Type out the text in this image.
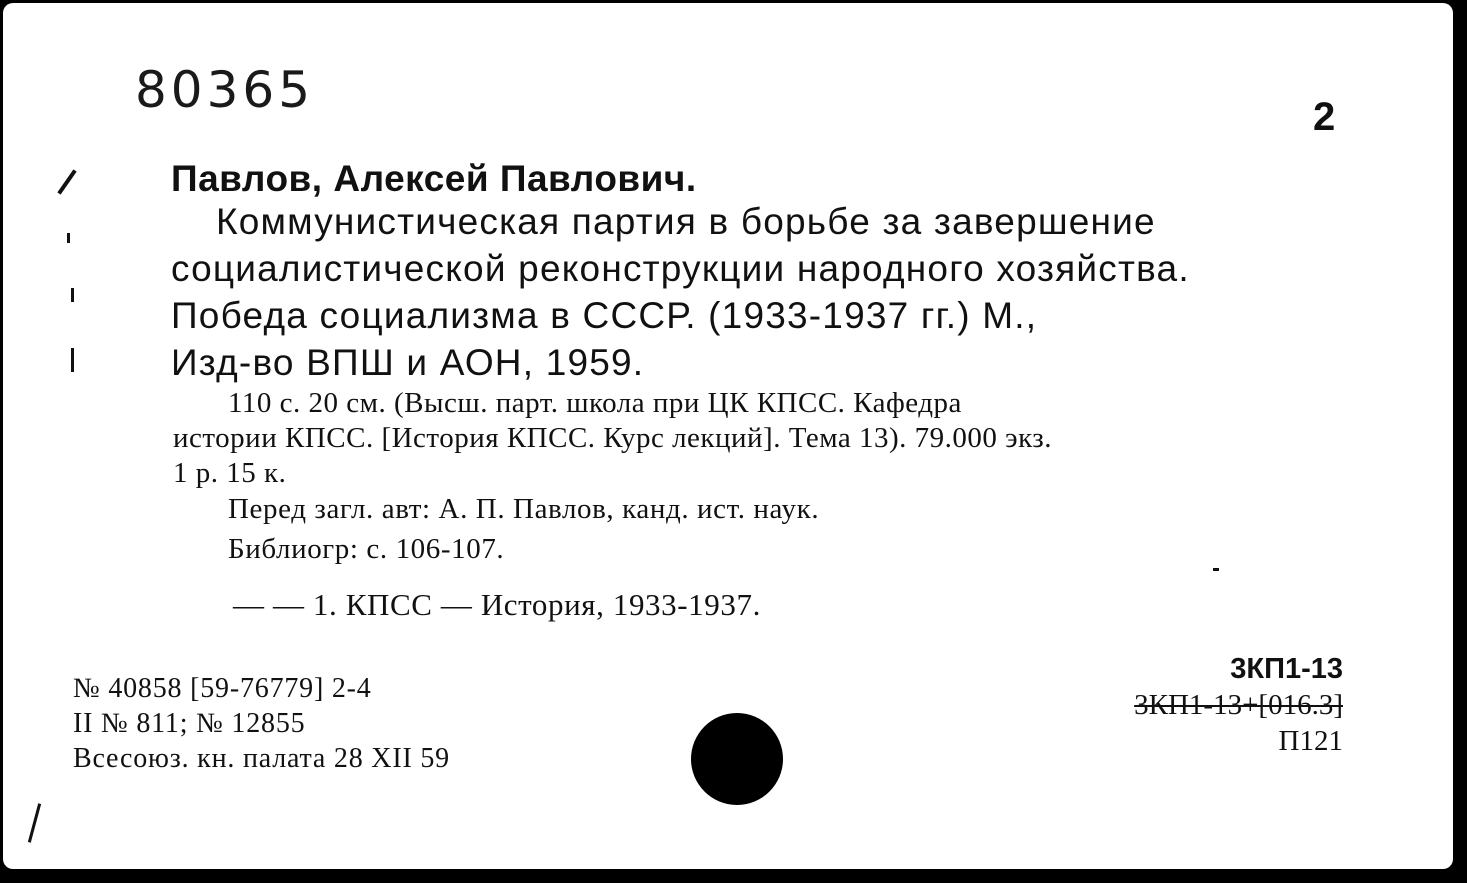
80365	2
Павлов, Алексей Павлович.
Коммунистическая партия в борьбе за завершение
социалистической реконструкции народного хозяйства.
Победа социализма в СССР. (1933-1937 гг.) М.,
Изд-во ВПШ и АОН, 1959.
110 с. 20 см. (Высш. парт. школа при ЦК КПСС. Кафедра
истории КПСС. [История КПСС. Курс лекций]. Тема 13). 79.000 экз.
1 р. 15 к.
Перед загл. авт: А. П. Павлов, канд. ист. наук.
Библиогр: с. 106-107.
— — 1. КПСС — История, 1933-1937.
№ 40858 [59-76779] 2-4
II № 811; № 12855
Всесоюз. кн. палата 28 XII 59
3КП1-13
3КП1-13+[016.3]
П121
